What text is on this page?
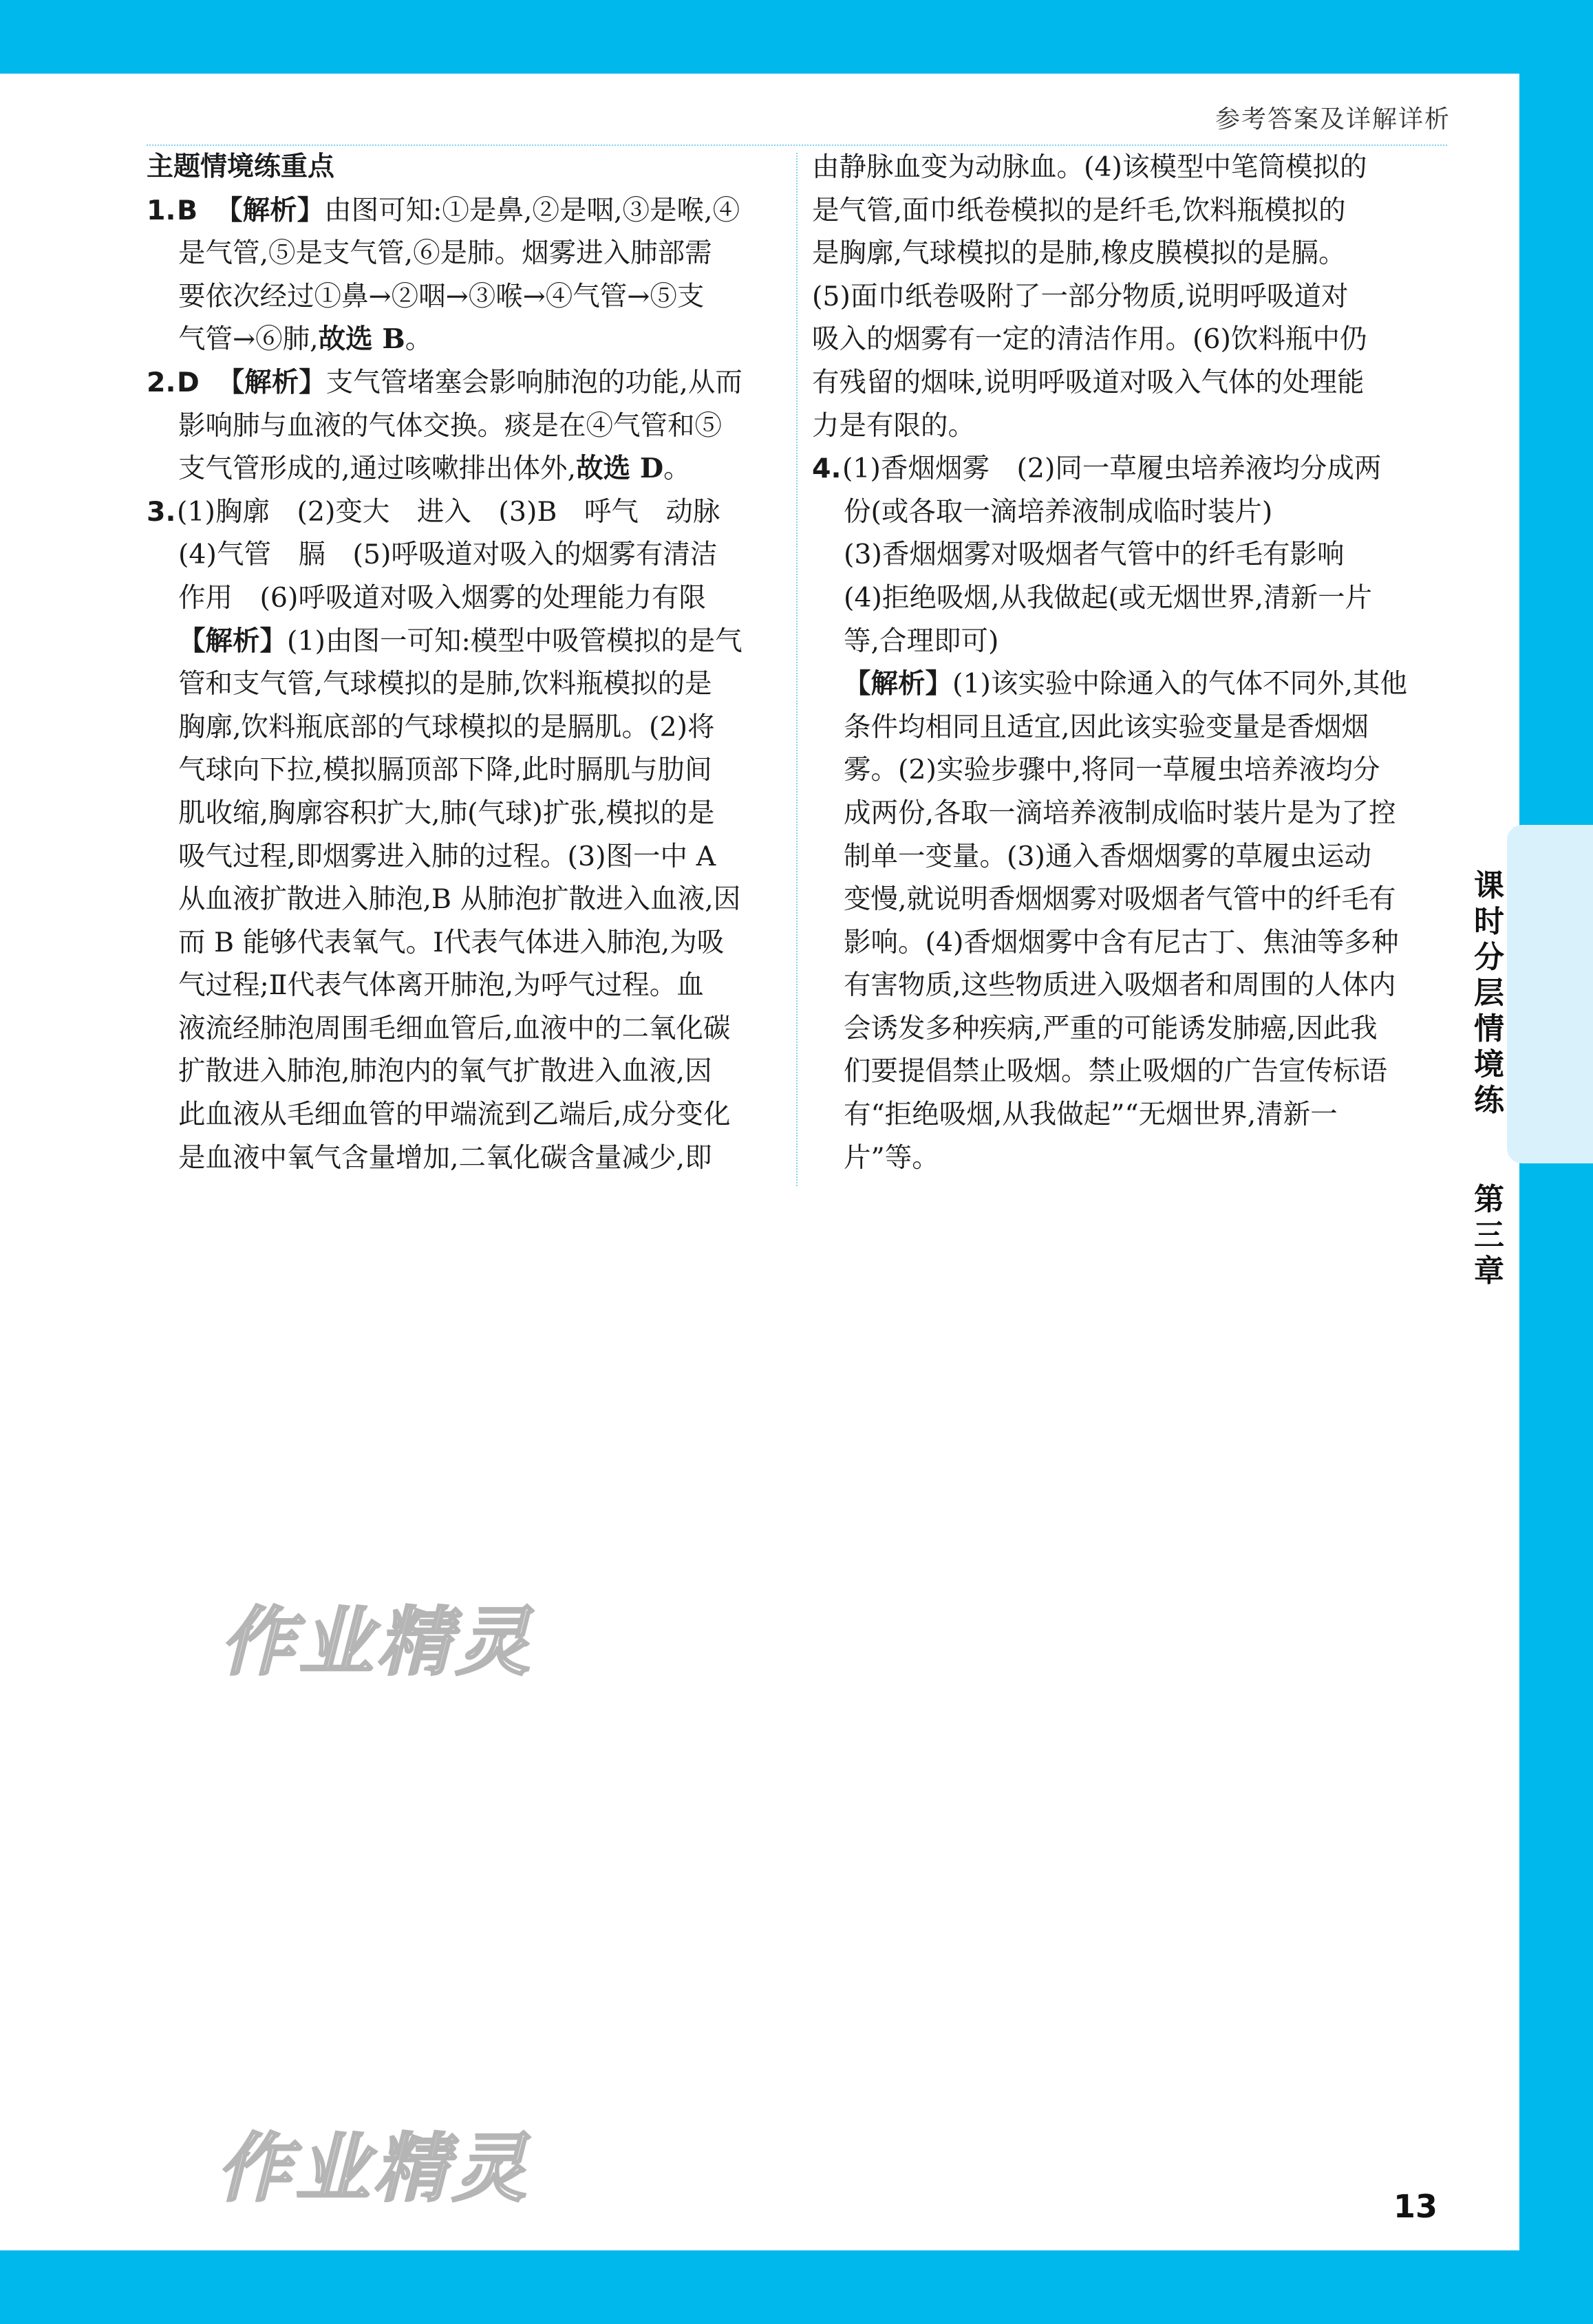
参考答案及详解详析
主题情境练重点
1.B 【解析】由图可知:①是鼻,②是咽,③是喉,④
是气管,⑤是支气管,⑥是肺。烟雾进入肺部需
要依次经过①鼻→②咽→③喉→④气管→⑤支
气管→⑥肺,故选 B。
2.D 【解析】支气管堵塞会影响肺泡的功能,从而
影响肺与血液的气体交换。痰是在④气管和⑤
支气管形成的,通过咳嗽排出体外,故选 D。
3.(1)胸廓　(2)变大　进入　(3)B　呼气　动脉
(4)气管　膈　(5)呼吸道对吸入的烟雾有清洁
作用　(6)呼吸道对吸入烟雾的处理能力有限
【解析】(1)由图一可知:模型中吸管模拟的是气
管和支气管,气球模拟的是肺,饮料瓶模拟的是
胸廓,饮料瓶底部的气球模拟的是膈肌。(2)将
气球向下拉,模拟膈顶部下降,此时膈肌与肋间
肌收缩,胸廓容积扩大,肺(气球)扩张,模拟的是
吸气过程,即烟雾进入肺的过程。(3)图一中 A
从血液扩散进入肺泡,B 从肺泡扩散进入血液,因
而 B 能够代表氧气。Ⅰ代表气体进入肺泡,为吸
气过程;Ⅱ代表气体离开肺泡,为呼气过程。血
液流经肺泡周围毛细血管后,血液中的二氧化碳
扩散进入肺泡,肺泡内的氧气扩散进入血液,因
此血液从毛细血管的甲端流到乙端后,成分变化
是血液中氧气含量增加,二氧化碳含量减少,即
由静脉血变为动脉血。(4)该模型中笔筒模拟的
是气管,面巾纸卷模拟的是纤毛,饮料瓶模拟的
是胸廓,气球模拟的是肺,橡皮膜模拟的是膈。
(5)面巾纸卷吸附了一部分物质,说明呼吸道对
吸入的烟雾有一定的清洁作用。(6)饮料瓶中仍
有残留的烟味,说明呼吸道对吸入气体的处理能
力是有限的。
4.(1)香烟烟雾　(2)同一草履虫培养液均分成两
份(或各取一滴培养液制成临时装片)
(3)香烟烟雾对吸烟者气管中的纤毛有影响
(4)拒绝吸烟,从我做起(或无烟世界,清新一片
等,合理即可)
【解析】(1)该实验中除通入的气体不同外,其他
条件均相同且适宜,因此该实验变量是香烟烟
雾。(2)实验步骤中,将同一草履虫培养液均分
成两份,各取一滴培养液制成临时装片是为了控
制单一变量。(3)通入香烟烟雾的草履虫运动
变慢,就说明香烟烟雾对吸烟者气管中的纤毛有
影响。(4)香烟烟雾中含有尼古丁、焦油等多种
有害物质,这些物质进入吸烟者和周围的人体内
会诱发多种疾病,严重的可能诱发肺癌,因此我
们要提倡禁止吸烟。禁止吸烟的广告宣传标语
有“拒绝吸烟,从我做起”“无烟世界,清新一
片”等。
课
时
分
层
情
境
练
第
三
章
作业精灵
作业精灵	13
